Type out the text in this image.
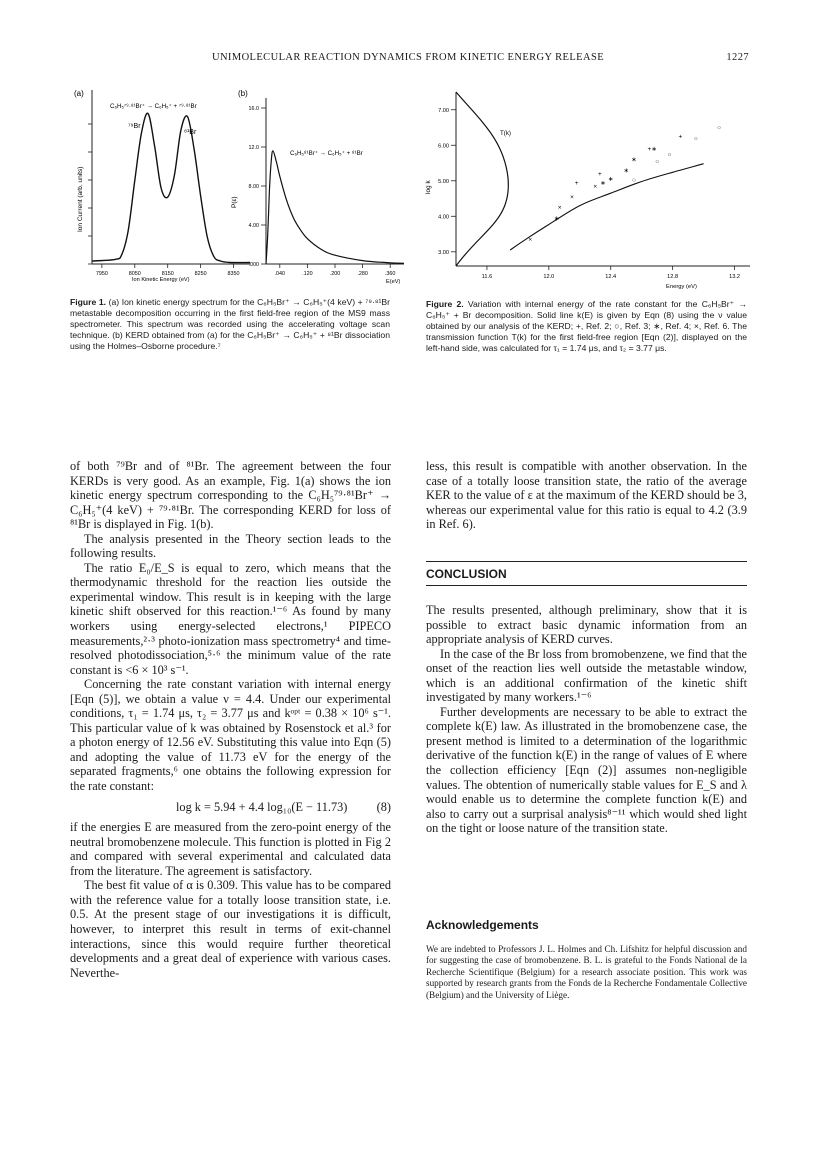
UNIMOLECULAR REACTION DYNAMICS FROM KINETIC ENERGY RELEASE	1227
(a)
C₆H₅⁷⁹·⁸¹Br⁺ → C₆H₅⁺ + ⁷⁹·⁸¹Br
7950	8050	8150	8250	8350
⁷⁹Br
⁸¹Br
Ion Current (arb. units)
Ion Kinetic Energy (eV)
(b)
16.0
12.0
8.00
4.00
.000
.040	.120	.200	.280	.360
C₆H₅⁸¹Br⁺ → C₆H₅⁺ + ⁸¹Br
P(ε)
E(eV)
Figure 1. (a) Ion kinetic energy spectrum for the C₆H₅Br⁺ → C₆H₅⁺(4 keV) + ⁷⁹·⁸¹Br metastable decomposition occurring in the first field-free region of the MS9 mass spectrometer. This spectrum was recorded using the accelerating voltage scan technique. (b) KERD obtained from (a) for the C₆H₅Br⁺ → C₆H₅⁺ + ⁸¹Br dissociation using the Holmes–Osborne procedure.⁷
7.00
6.00
5.00
4.00
3.00
11.6	12.0	12.4	12.8	13.2
T(k)
+
+
+
+
○
○
○
○
○
∗
∗
∗
∗
∗
∗
×
×
×
×
log k
Energy (eV)
Figure 2. Variation with internal energy of the rate constant for the C₆H₅Br⁺ → C₆H₅⁺ + Br decomposition. Solid line k(E) is given by Eqn (8) using the ν value obtained by our analysis of the KERD; +, Ref. 2; ○, Ref. 3; ∗, Ref. 4; ×, Ref. 6. The transmission function T(k) for the first field-free region [Eqn (2)], displayed on the left-hand side, was calculated for τ₁ = 1.74 μs, and τ₂ = 3.77 μs.

of both ⁷⁹Br and of ⁸¹Br. The agreement between the four KERDs is very good. As an example, Fig. 1(a) shows the ion kinetic energy spectrum corresponding to the C₆H₅⁷⁹·⁸¹Br⁺ → C₆H₅⁺(4 keV) + ⁷⁹·⁸¹Br. The corresponding KERD for loss of ⁸¹Br is displayed in Fig. 1(b).

The analysis presented in the Theory section leads to the following results.

The ratio E₀/E_S is equal to zero, which means that the thermodynamic threshold for the reaction lies outside the experimental window. This result is in keeping with the large kinetic shift observed for this reaction.¹⁻⁶ As found by many workers using energy-selected electrons,¹ PIPECO measurements,²·³ photo-ionization mass spectrometry⁴ and time-resolved photodissociation,⁵·⁶ the minimum value of the rate constant is <6 × 10³ s⁻¹.

Concerning the rate constant variation with internal energy [Eqn (5)], we obtain a value ν = 4.4. Under our experimental conditions, τ₁ = 1.74 μs, τ₂ = 3.77 μs and kᵒᵖᵗ = 0.38 × 10⁶ s⁻¹. This particular value of k was obtained by Rosenstock et al.³ for a photon energy of 12.56 eV. Substituting this value into Eqn (5) and adopting the value of 11.73 eV for the energy of the separated fragments,⁶ one obtains the following expression for the rate constant:

log k = 5.94 + 4.4 log₁₀(E − 11.73) (8)

if the energies E are measured from the zero-point energy of the neutral bromobenzene molecule. This function is plotted in Fig 2 and compared with several experimental and calculated data from the literature. The agreement is satisfactory.

The best fit value of α is 0.309. This value has to be compared with the reference value for a totally loose transition state, i.e. 0.5. At the present stage of our investigations it is difficult, however, to interpret this result in terms of exit-channel interactions, since this would require further theoretical developments and a great deal of experience with various cases. Neverthe-

less, this result is compatible with another observation. In the case of a totally loose transition state, the ratio of the average KER to the value of ε at the maximum of the KERD should be 3, whereas our experimental value for this ratio is equal to 4.2 (3.9 in Ref. 6).

CONCLUSION

The results presented, although preliminary, show that it is possible to extract basic dynamic information from an appropriate analysis of KERD curves.

In the case of the Br loss from bromobenzene, we find that the onset of the reaction lies well outside the metastable window, which is an additional confirmation of the kinetic shift investigated by many workers.¹⁻⁶

Further developments are necessary to be able to extract the complete k(E) law. As illustrated in the bromobenzene case, the present method is limited to a determination of the logarithmic derivative of the function k(E) in the range of values of E where the collection efficiency [Eqn (2)] assumes non-negligible values. The obtention of numerically stable values for E_S and λ would enable us to determine the complete function k(E) and also to carry out a surprisal analysis⁸⁻¹¹ which would shed light on the tight or loose nature of the transition state.

Acknowledgements
We are indebted to Professors J. L. Holmes and Ch. Lifshitz for helpful discussion and for suggesting the case of bromobenzene. B. L. is grateful to the Fonds National de la Recherche Scientifique (Belgium) for a research associate position. This work was supported by research grants from the Fonds de la Recherche Fondamentale Collective (Belgium) and the University of Liège.
